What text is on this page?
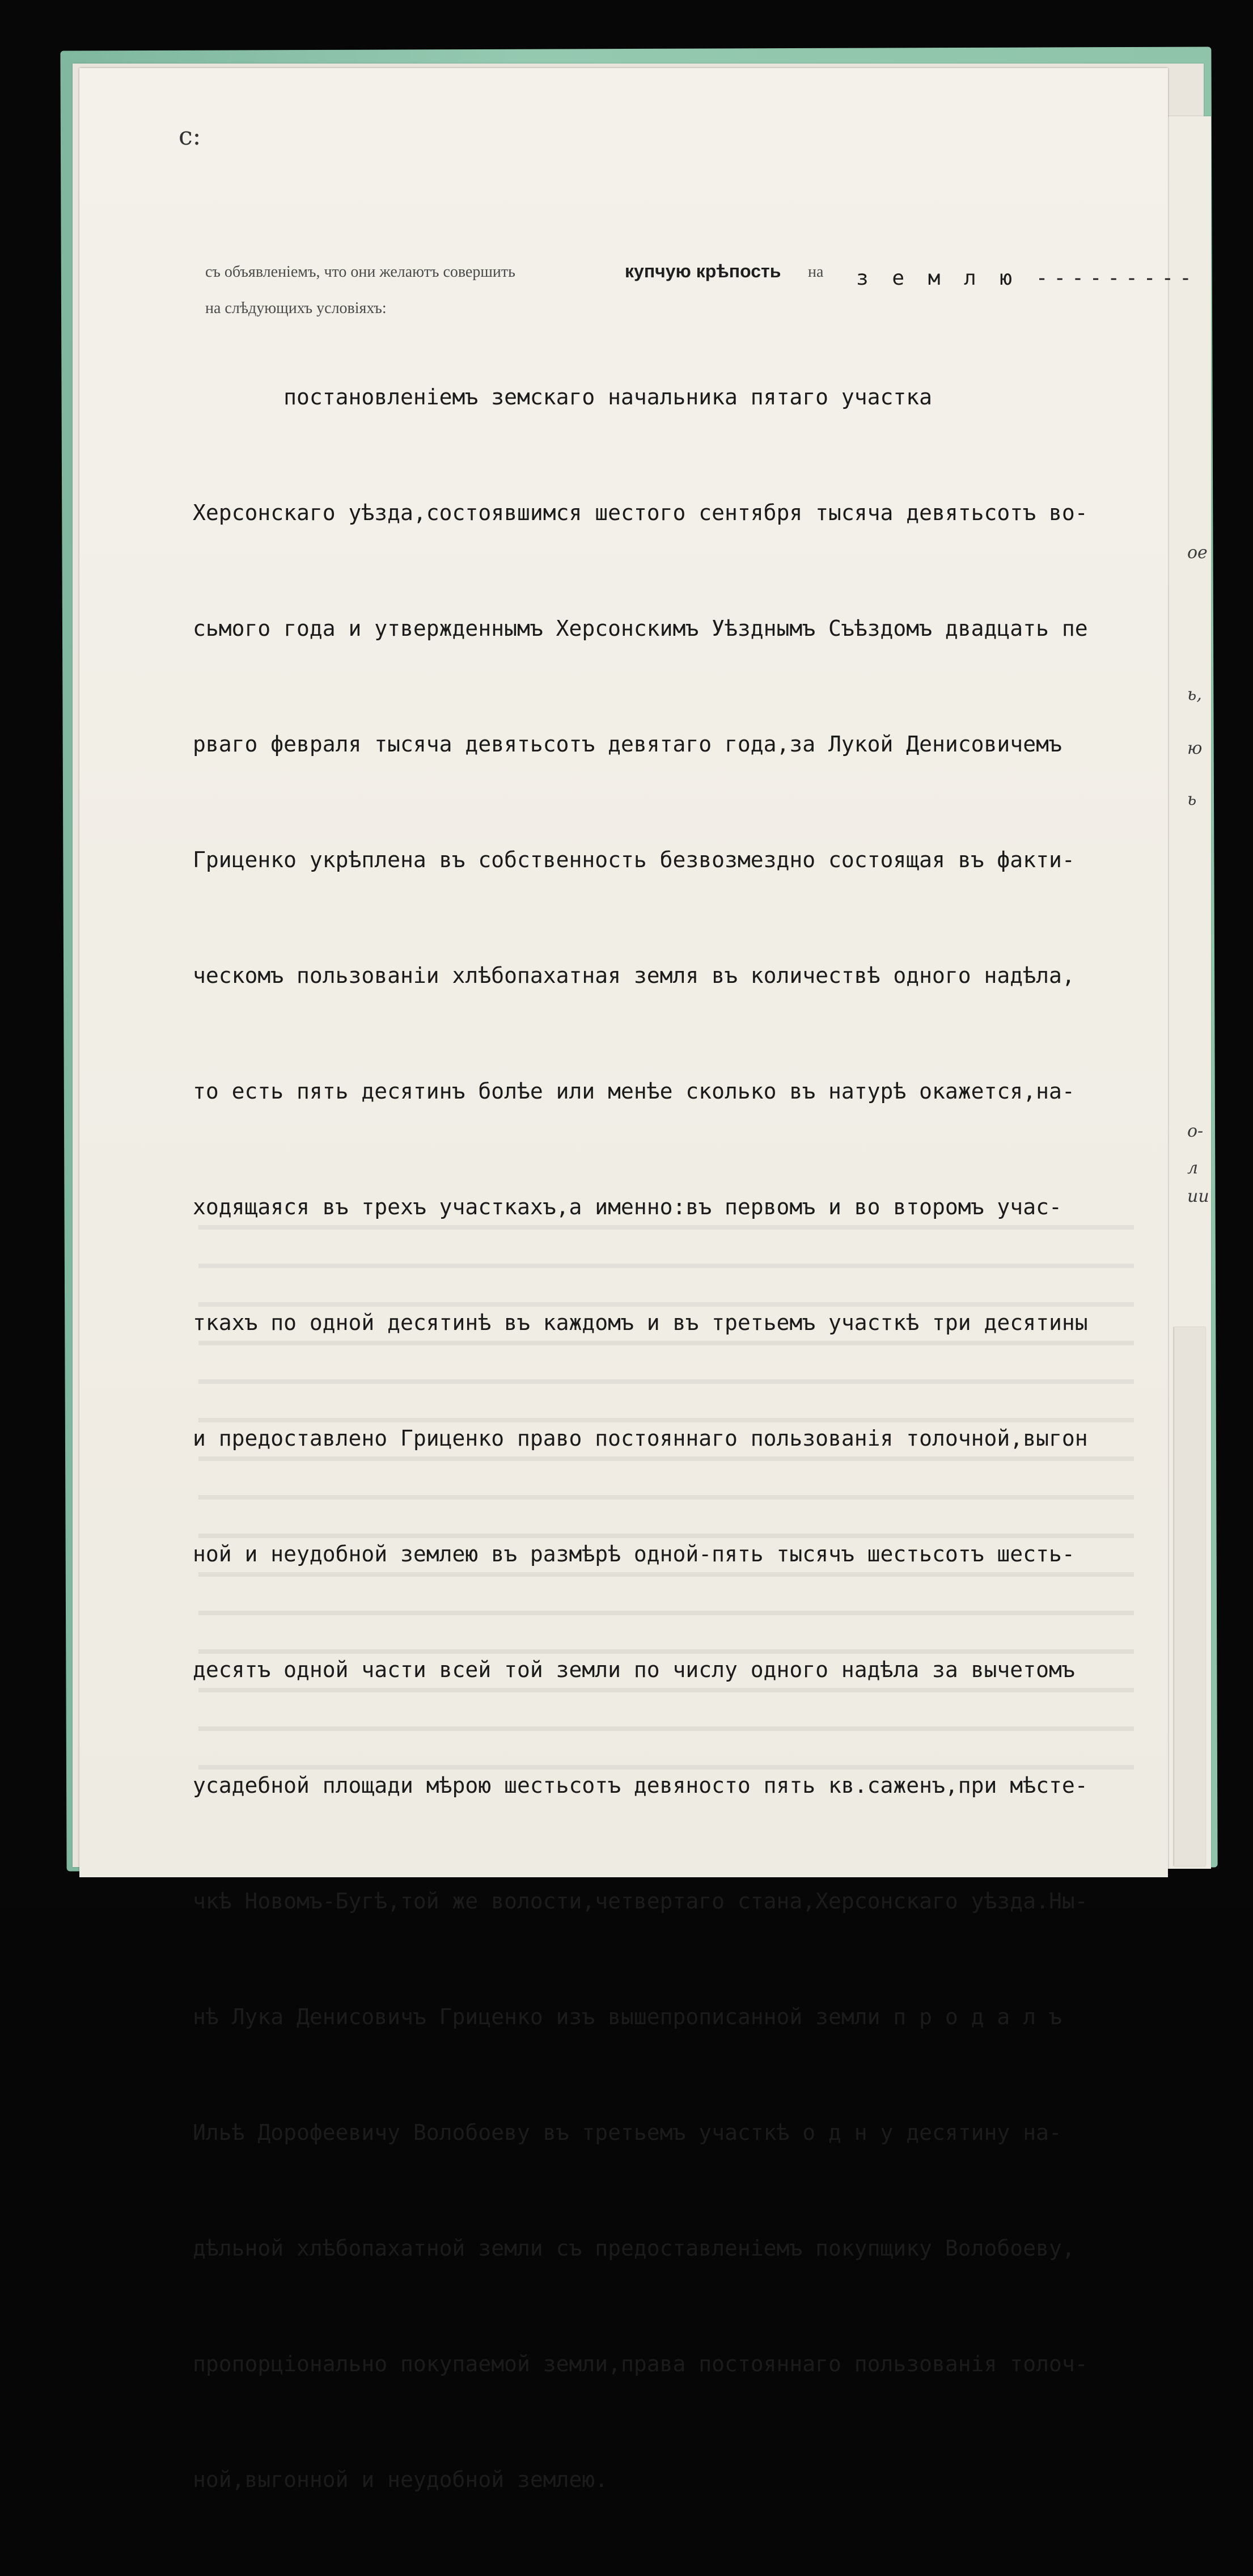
ое
ь,
ю
ь
о-
л
ии

с:

съ объявленіемъ, что они желаютъ совершить	купчую крѣпость на з е м л ю ---------

на слѣдующихъ условіяхъ:

постановленіемъ земскаго начальника пятаго участка

Херсонскаго уѣзда,состоявшимся шестого сентября тысяча девятьсотъ во-

сьмого года и утвержденнымъ Херсонскимъ Уѣзднымъ Съѣздомъ двадцать пе

рваго февраля тысяча девятьсотъ девятаго года,за Лукой Денисовичемъ

Гриценко укрѣплена въ собственность безвозмездно состоящая въ факти-

ческомъ пользованіи хлѣбопахатная земля въ количествѣ одного надѣла,

то есть пять десятинъ болѣе или менѣе сколько въ натурѣ окажется,на-

ходящаяся въ трехъ участкахъ,а именно:въ первомъ и во второмъ учас-

ткахъ по одной десятинѣ въ каждомъ и въ третьемъ участкѣ три десятины

и предоставлено Гриценко право постояннаго пользованія толочной,выгон

ной и неудобной землею въ размѣрѣ одной-пять тысячъ шестьсотъ шесть-

десятъ одной части всей той земли по числу одного надѣла за вычетомъ

усадебной площади мѣрою шестьсотъ девяносто пять кв.саженъ,при мѣсте-

чкѣ Новомъ-Бугѣ,той же волости,четвертаго стана,Херсонскаго уѣзда.Ны-

нѣ Лука Денисовичъ Гриценко изъ вышепрописанной земли п р о д а л ъ

Ильѣ Дорофеевичу Волобоеву въ третьемъ участкѣ о д н у десятину на-

дѣльной хлѣбопахатной земли съ предоставленіемъ покупщику Волобоеву,

пропорціонально покупаемой земли,права постояннаго пользованія толоч-

ной,выгонной и неудобной землею.
